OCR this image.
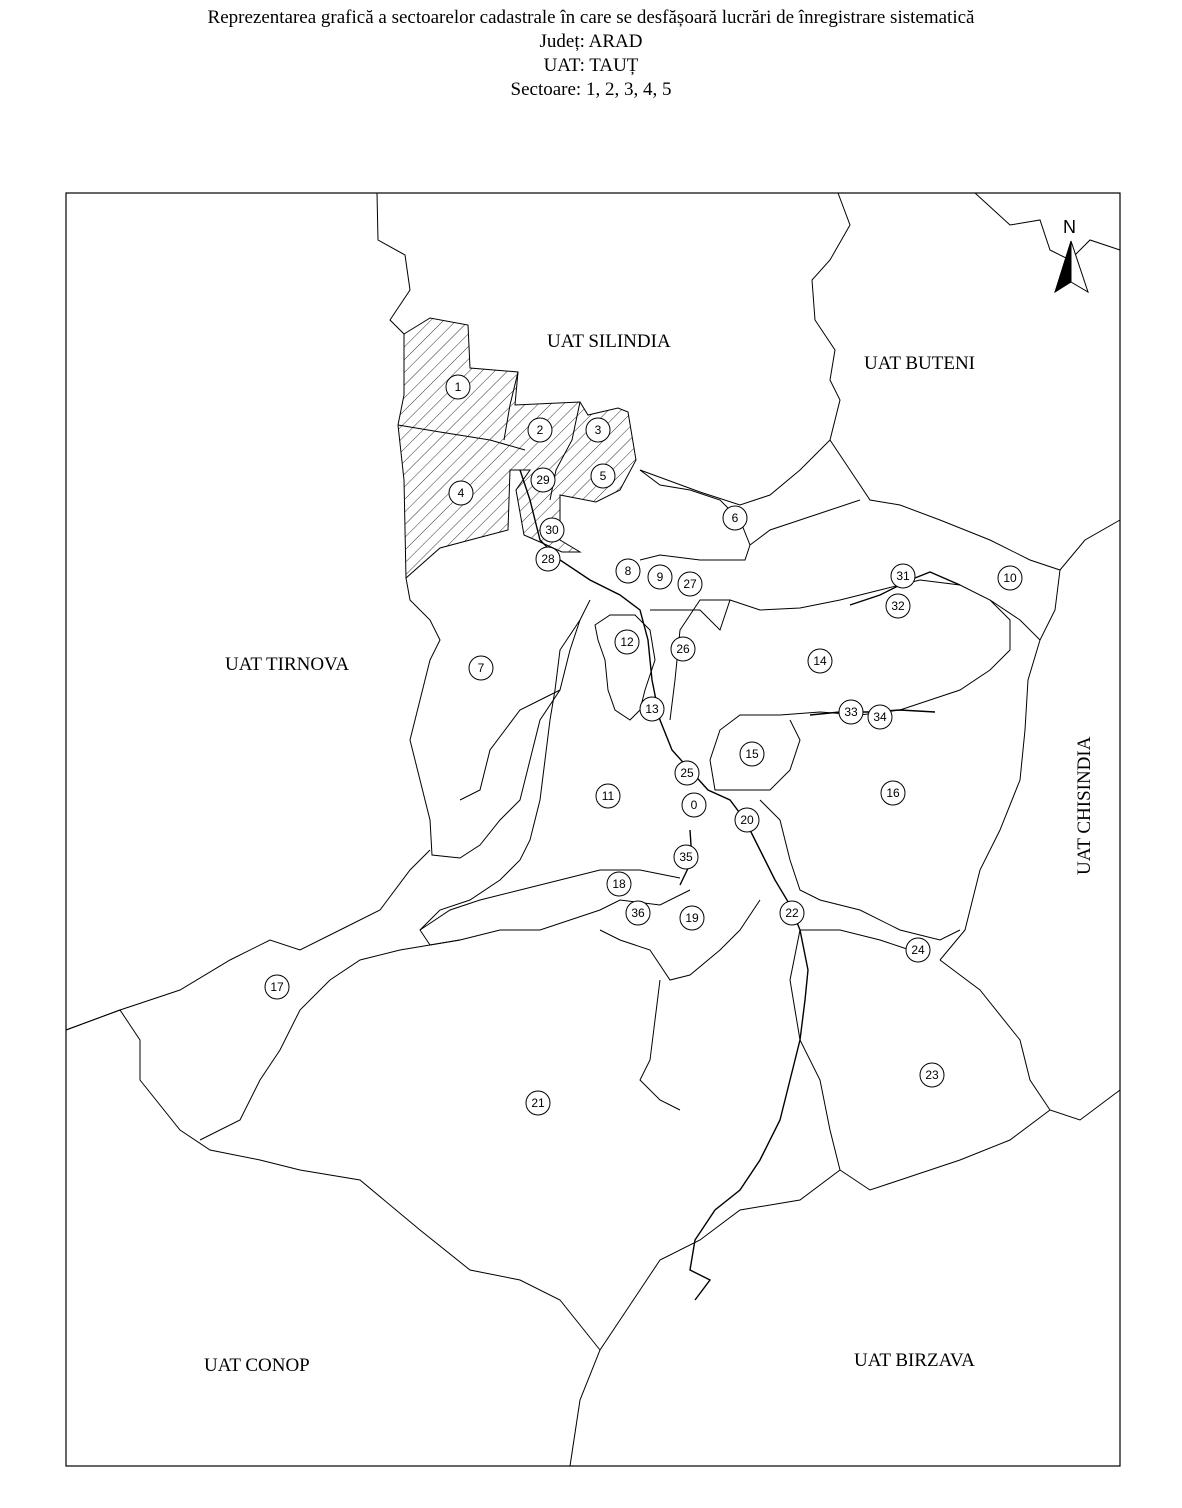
Reprezentarea grafică a sectoarelor cadastrale în care se desfășoară lucrări de înregistrare sistematică
Județ: ARAD
UAT: TAUȚ
Sectoare: 1, 2, 3, 4, 5
UAT SILINDIA
UAT BUTENI
UAT TIRNOVA
UAT CHISINDIA
UAT CONOP	UAT BIRZAVA
1
2	3
4
5
6
7
8 9	10
11
12
13
14
15
16
17
18
19
20
21
22
23
24
25
26
27
28
29
30
31
32
33 34
35
36
0
N
